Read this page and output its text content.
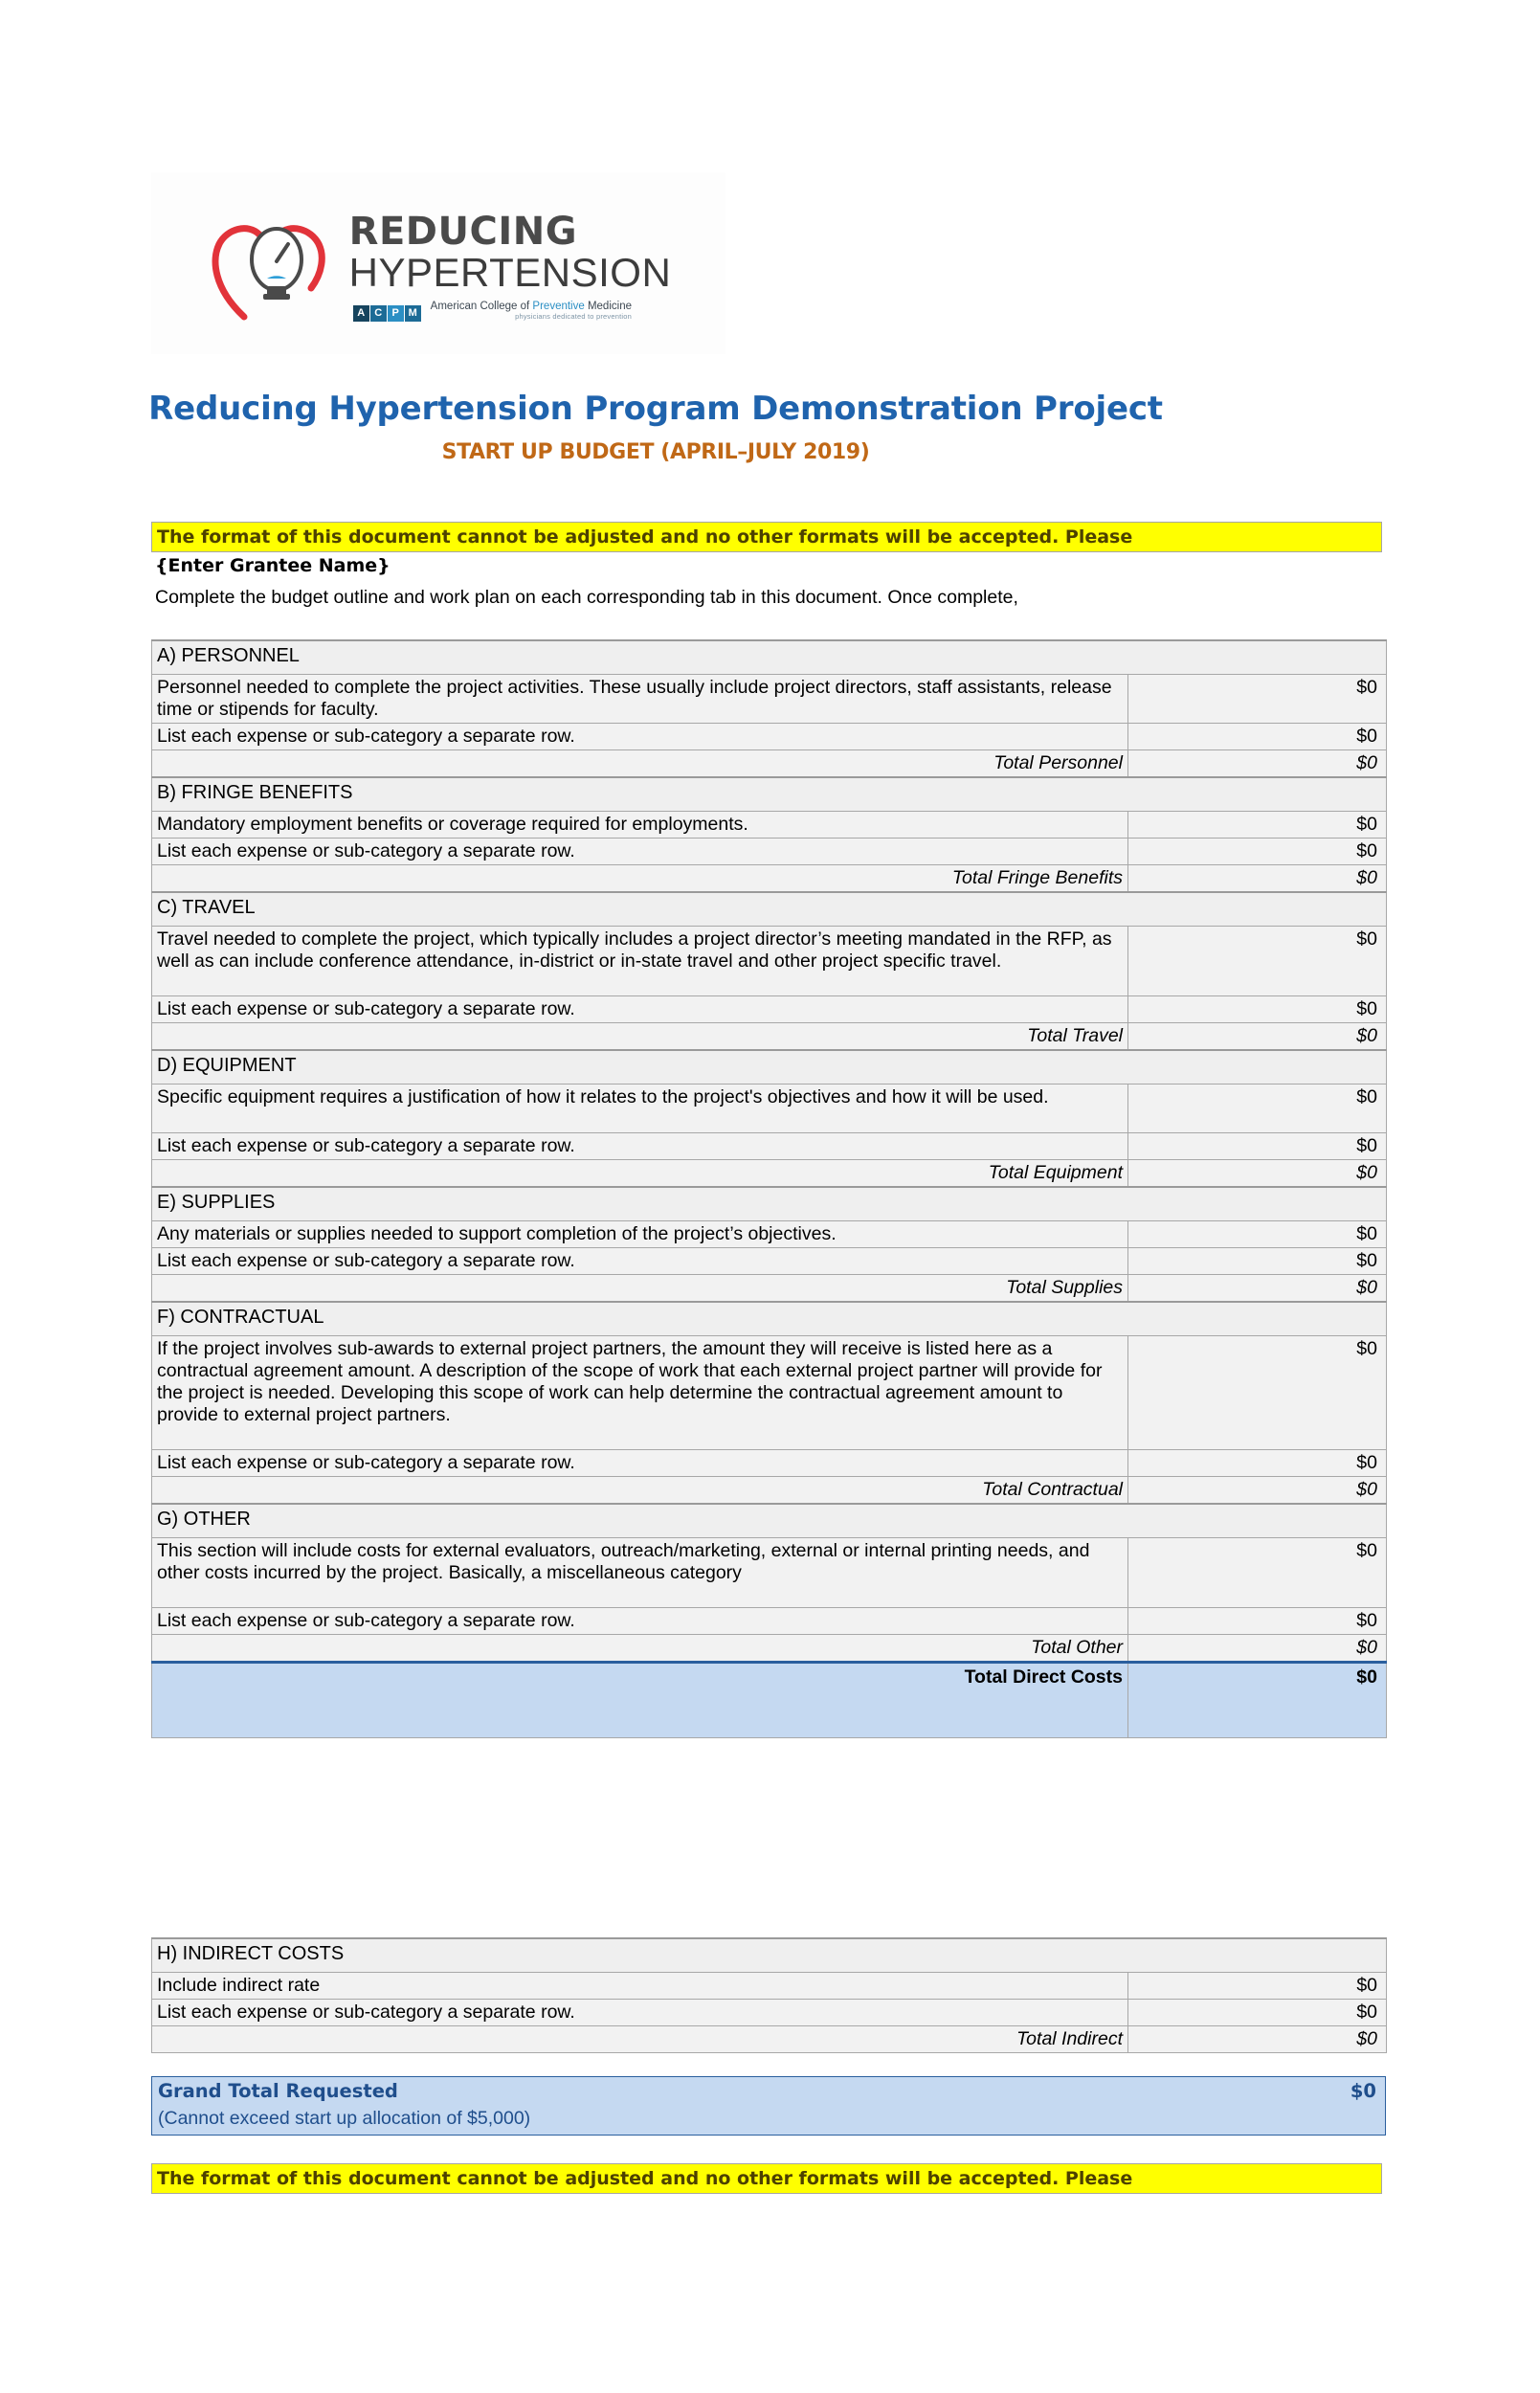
REDUCING
HYPERTENSION
A C P M
American College of Preventive Medicine
physicians dedicated to prevention
Reducing Hypertension Program Demonstration Project
START UP BUDGET (APRIL–JULY 2019)
The format of this document cannot be adjusted and no other formats will be accepted. Please
{Enter Grantee Name}
Complete the budget outline and work plan on each corresponding tab in this document. Once complete,
A) PERSONNEL	

Personnel needed to complete the project activities. These usually include project directors, staff assistants, release time or stipends for faculty.	$0
List each expense or sub-category a separate row.	$0
Total Personnel	$0
B) FRINGE BENEFITS	
Mandatory employment benefits or coverage required for employments.	$0
List each expense or sub-category a separate row.	$0
Total Fringe Benefits	$0
C) TRAVEL	

Travel needed to complete the project, which typically includes a project director’s meeting mandated in the RFP, as well as can include conference attendance, in-district or in-state travel and other project specific travel.	$0
List each expense or sub-category a separate row.	$0
Total Travel	$0
D) EQUIPMENT	

Specific equipment requires a justification of how it relates to the project's objectives and how it will be used.	$0
List each expense or sub-category a separate row.	$0
Total Equipment	$0
E) SUPPLIES	
Any materials or supplies needed to support completion of the project’s objectives.	$0
List each expense or sub-category a separate row.	$0
Total Supplies	$0
F) CONTRACTUAL	

If the project involves sub-awards to external project partners, the amount they will receive is listed here as a contractual agreement amount. A description of the scope of work that each external project partner will provide for the project is needed. Developing this scope of work can help determine the contractual agreement amount to provide to external project partners.	$0
List each expense or sub-category a separate row.	$0
Total Contractual	$0
G) OTHER	

This section will include costs for external evaluators, outreach/marketing, external or internal printing needs, and other costs incurred by the project. Basically, a miscellaneous category	$0
List each expense or sub-category a separate row.	$0
Total Other	$0
Total Direct Costs	$0
H) INDIRECT COSTS	
Include indirect rate	$0
List each expense or sub-category a separate row.	$0
Total Indirect	$0
Grand Total Requested
(Cannot exceed start up allocation of $5,000)
$0
The format of this document cannot be adjusted and no other formats will be accepted. Please
